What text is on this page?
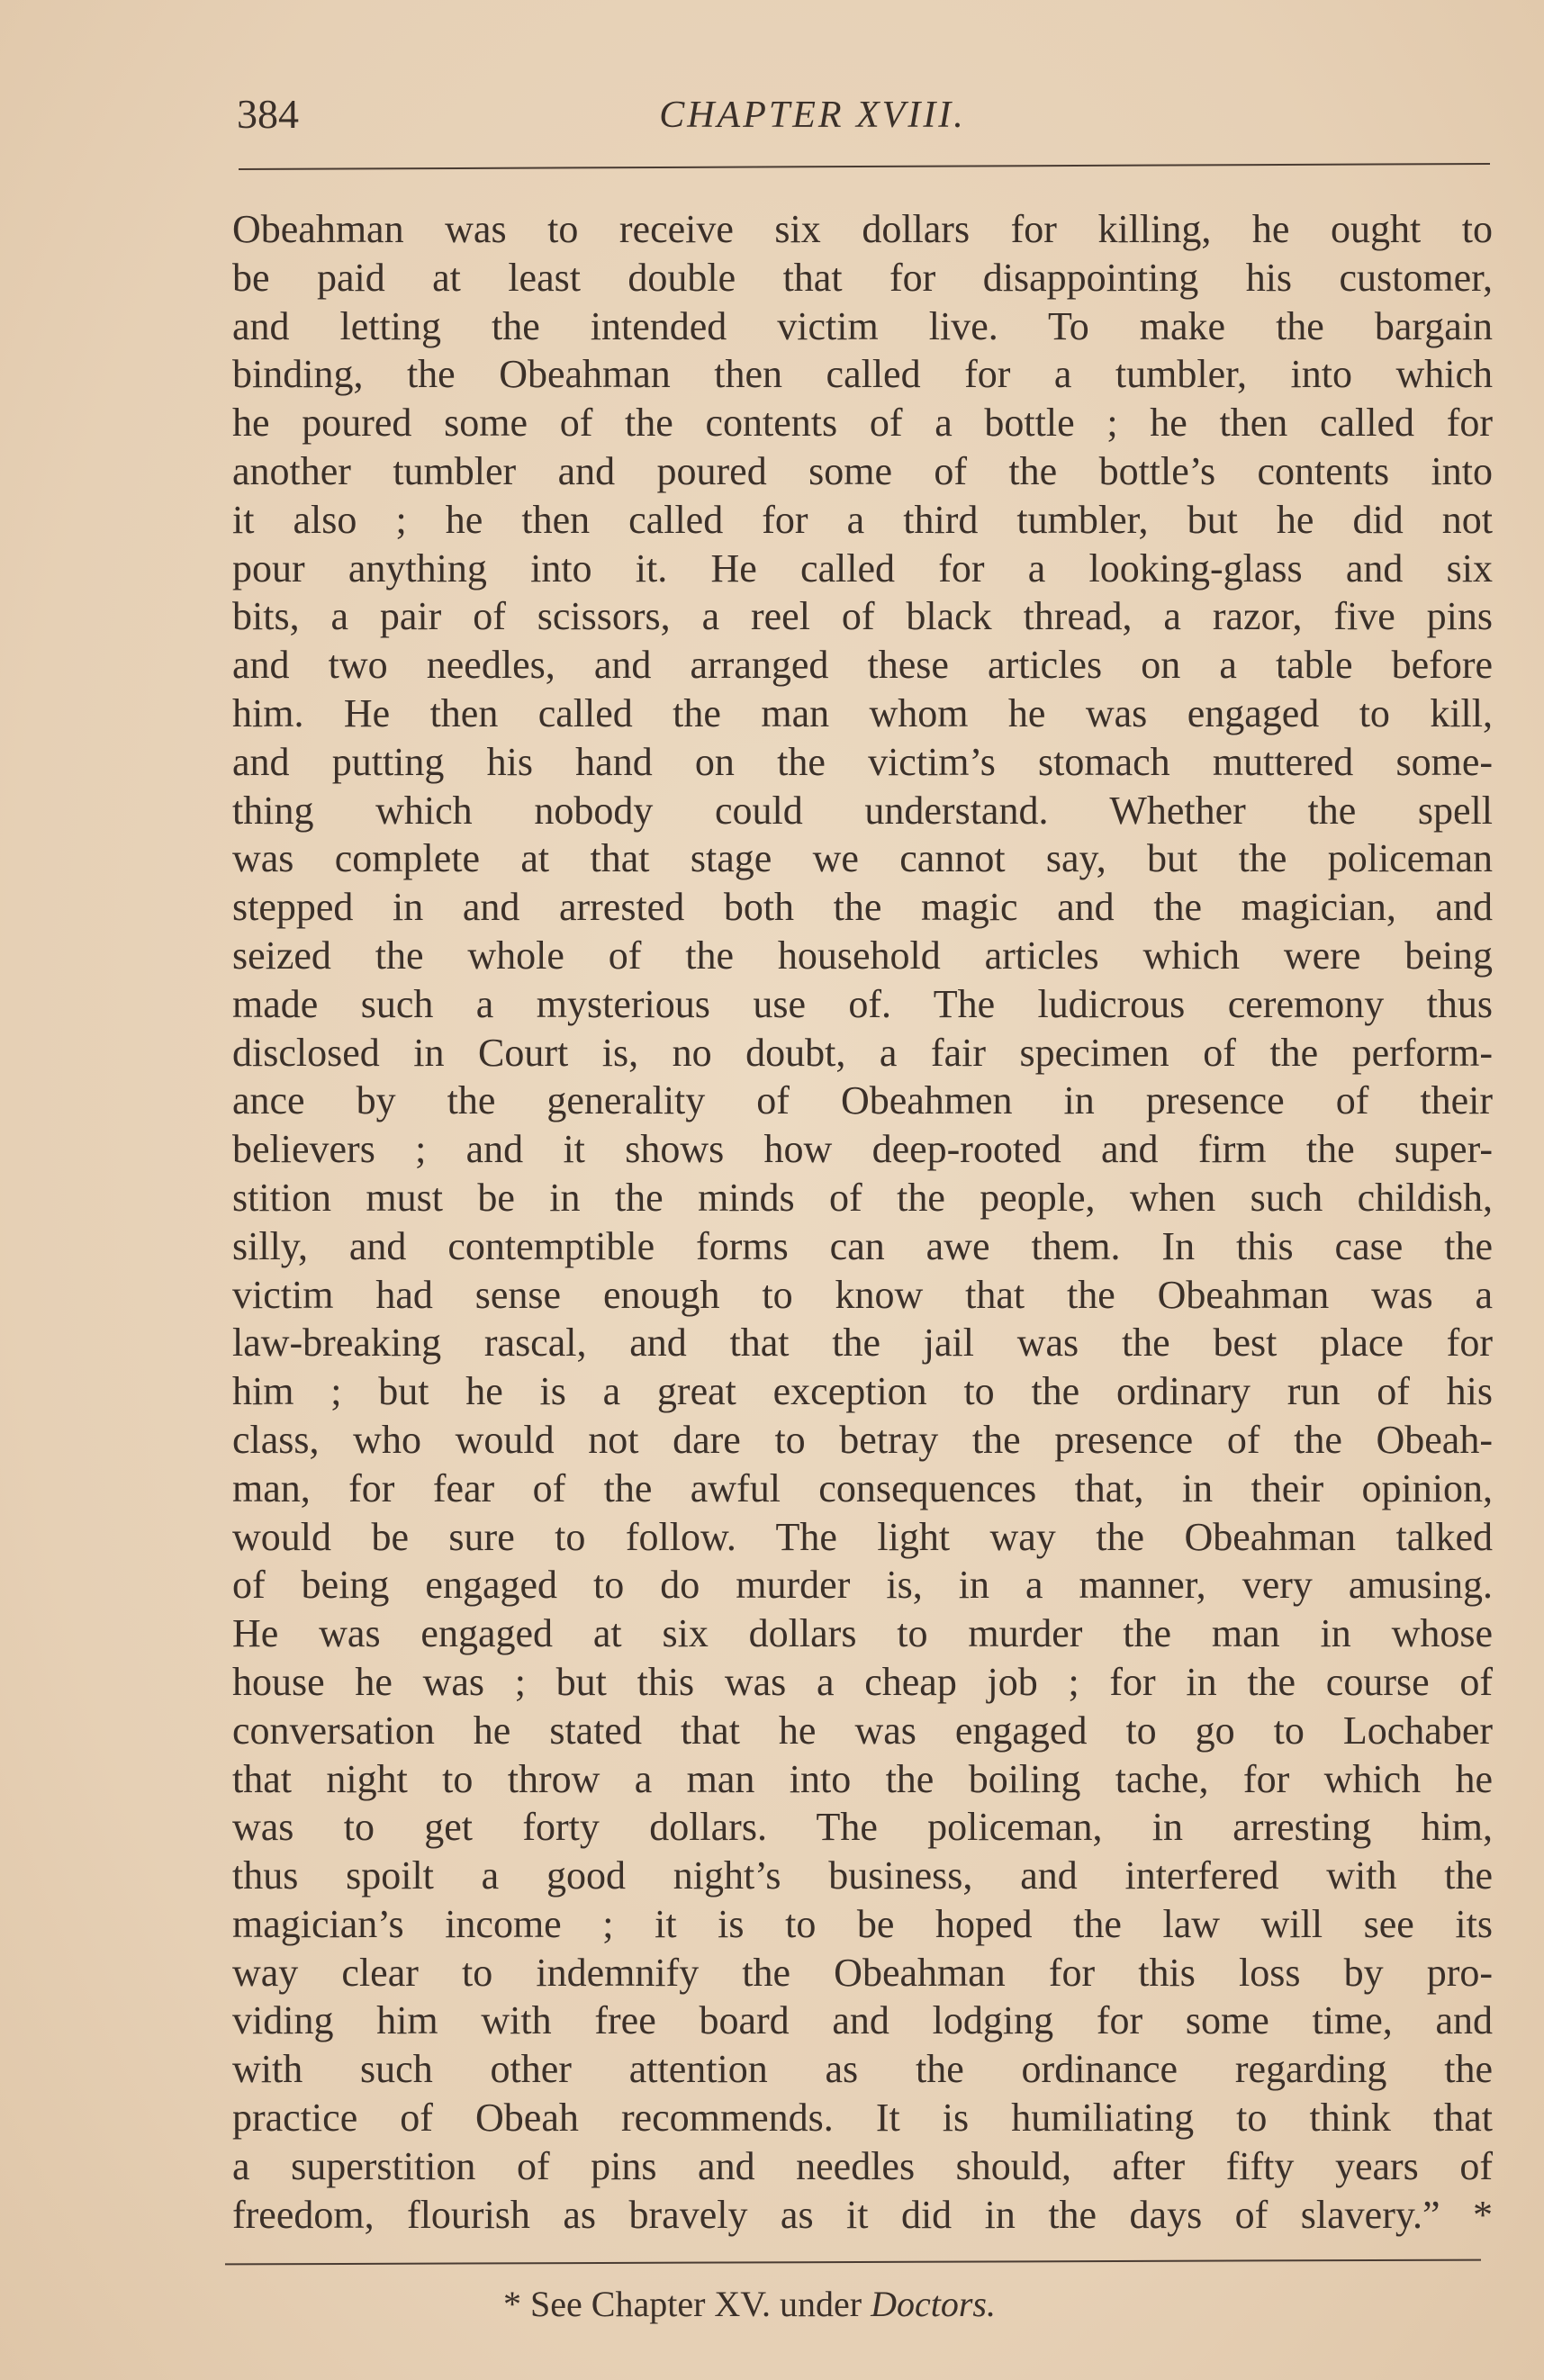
384	CHAPTER XVIII.
Obeahman was to receive six dollars for killing, he ought to
be paid at least double that for disappointing his customer,
and letting the intended victim live. To make the bargain
binding, the Obeahman then called for a tumbler, into which
he poured some of the contents of a bottle ; he then called for
another tumbler and poured some of the bottle’s contents into
it also ; he then called for a third tumbler, but he did not
pour anything into it. He called for a looking-glass and six
bits, a pair of scissors, a reel of black thread, a razor, five pins
and two needles, and arranged these articles on a table before
him. He then called the man whom he was engaged to kill,
and putting his hand on the victim’s stomach muttered some-
thing which nobody could understand. Whether the spell
was complete at that stage we cannot say, but the policeman
stepped in and arrested both the magic and the magician, and
seized the whole of the household articles which were being
made such a mysterious use of. The ludicrous ceremony thus
disclosed in Court is, no doubt, a fair specimen of the perform-
ance by the generality of Obeahmen in presence of their
believers ; and it shows how deep-rooted and firm the super-
stition must be in the minds of the people, when such childish,
silly, and contemptible forms can awe them. In this case the
victim had sense enough to know that the Obeahman was a
law-breaking rascal, and that the jail was the best place for
him ; but he is a great exception to the ordinary run of his
class, who would not dare to betray the presence of the Obeah-
man, for fear of the awful consequences that, in their opinion,
would be sure to follow. The light way the Obeahman talked
of being engaged to do murder is, in a manner, very amusing.
He was engaged at six dollars to murder the man in whose
house he was ; but this was a cheap job ; for in the course of
conversation he stated that he was engaged to go to Lochaber
that night to throw a man into the boiling tache, for which he
was to get forty dollars. The policeman, in arresting him,
thus spoilt a good night’s business, and interfered with the
magician’s income ; it is to be hoped the law will see its
way clear to indemnify the Obeahman for this loss by pro-
viding him with free board and lodging for some time, and
with such other attention as the ordinance regarding the
practice of Obeah recommends. It is humiliating to think that
a superstition of pins and needles should, after fifty years of
freedom, flourish as bravely as it did in the days of slavery.” *
* See Chapter XV. under Doctors.
